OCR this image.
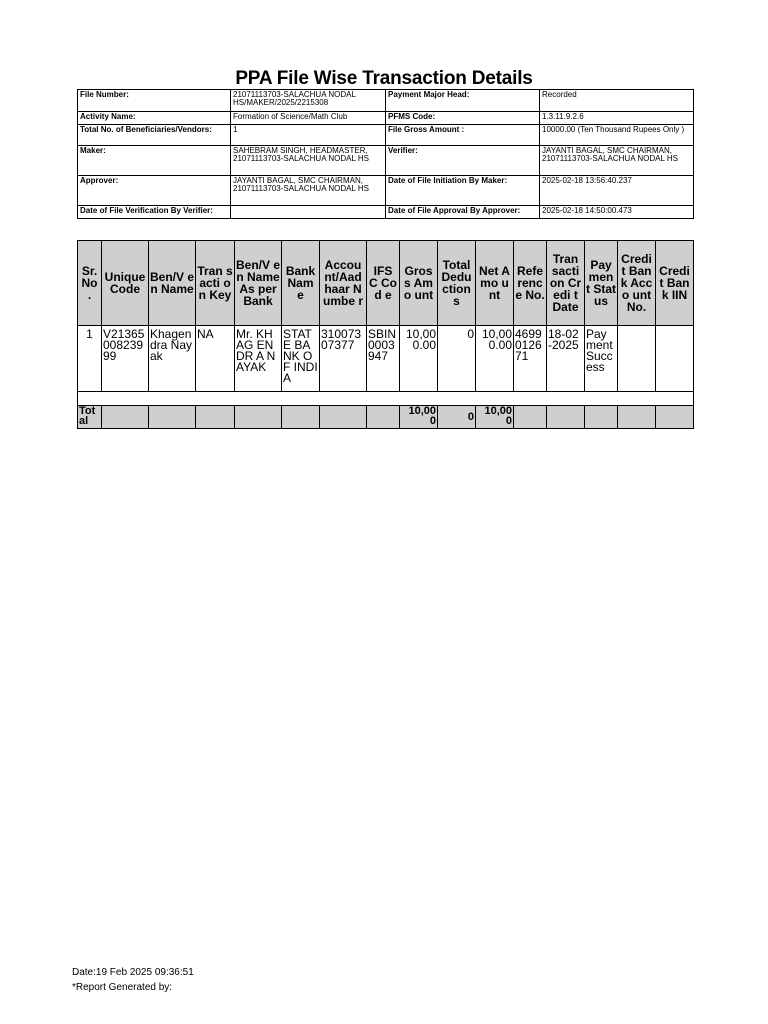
PPA File Wise Transaction Details
File Number:	21071113703-SALACHUA NODAL HS/MAKER/2025/2215308	Payment Major Head:	Recorded
Activity Name:	Formation of Science/Math Club	PFMS Code:	1.3.11.9.2.6
Total No. of Beneficiaries/Vendors:	1	File Gross Amount :	10000.00 (Ten Thousand Rupees Only )
Maker:	SAHEBRAM SINGH, HEADMASTER, 21071113703-SALACHUA NODAL HS	Verifier:	JAYANTI BAGAL, SMC CHAIRMAN, 21071113703-SALACHUA NODAL HS
Approver:	JAYANTI BAGAL, SMC CHAIRMAN, 21071113703-SALACHUA NODAL HS	Date of File Initiation By Maker:	2025-02-18 13:56:40.237
Date of File Verification By Verifier:		Date of File Approval By Approver:	2025-02-18 14:50:00.473
Sr. No .	Unique Code	Ben/V en Name	Tran sacti on Key	Ben/V en Name As per Bank	Bank Nam e	Accou nt/Aad haar Numbe r	IFS C Cod e	Gros s Amo unt	Total Dedu ction s	Net Amo unt	Refe renc e No.	Tran sacti on Credi t Date	Pay men t Stat us	Credi t Bank Acco unt No.	Credi t Bank IIN
1	V21365 008239 99	Khagen dra Nayak	NA	Mr. KHAG ENDR A NAYAK	STAT E BANK OF INDIA	310073 07377	SBIN 0003 947	10,00 0.00	0	10,00 0.00	4699 0126 71	18-02 -2025	Pay ment Succ ess		

Tot al								10,00 0	0	10,00 0					
Date:19 Feb 2025 09:36:51
*Report Generated by:
